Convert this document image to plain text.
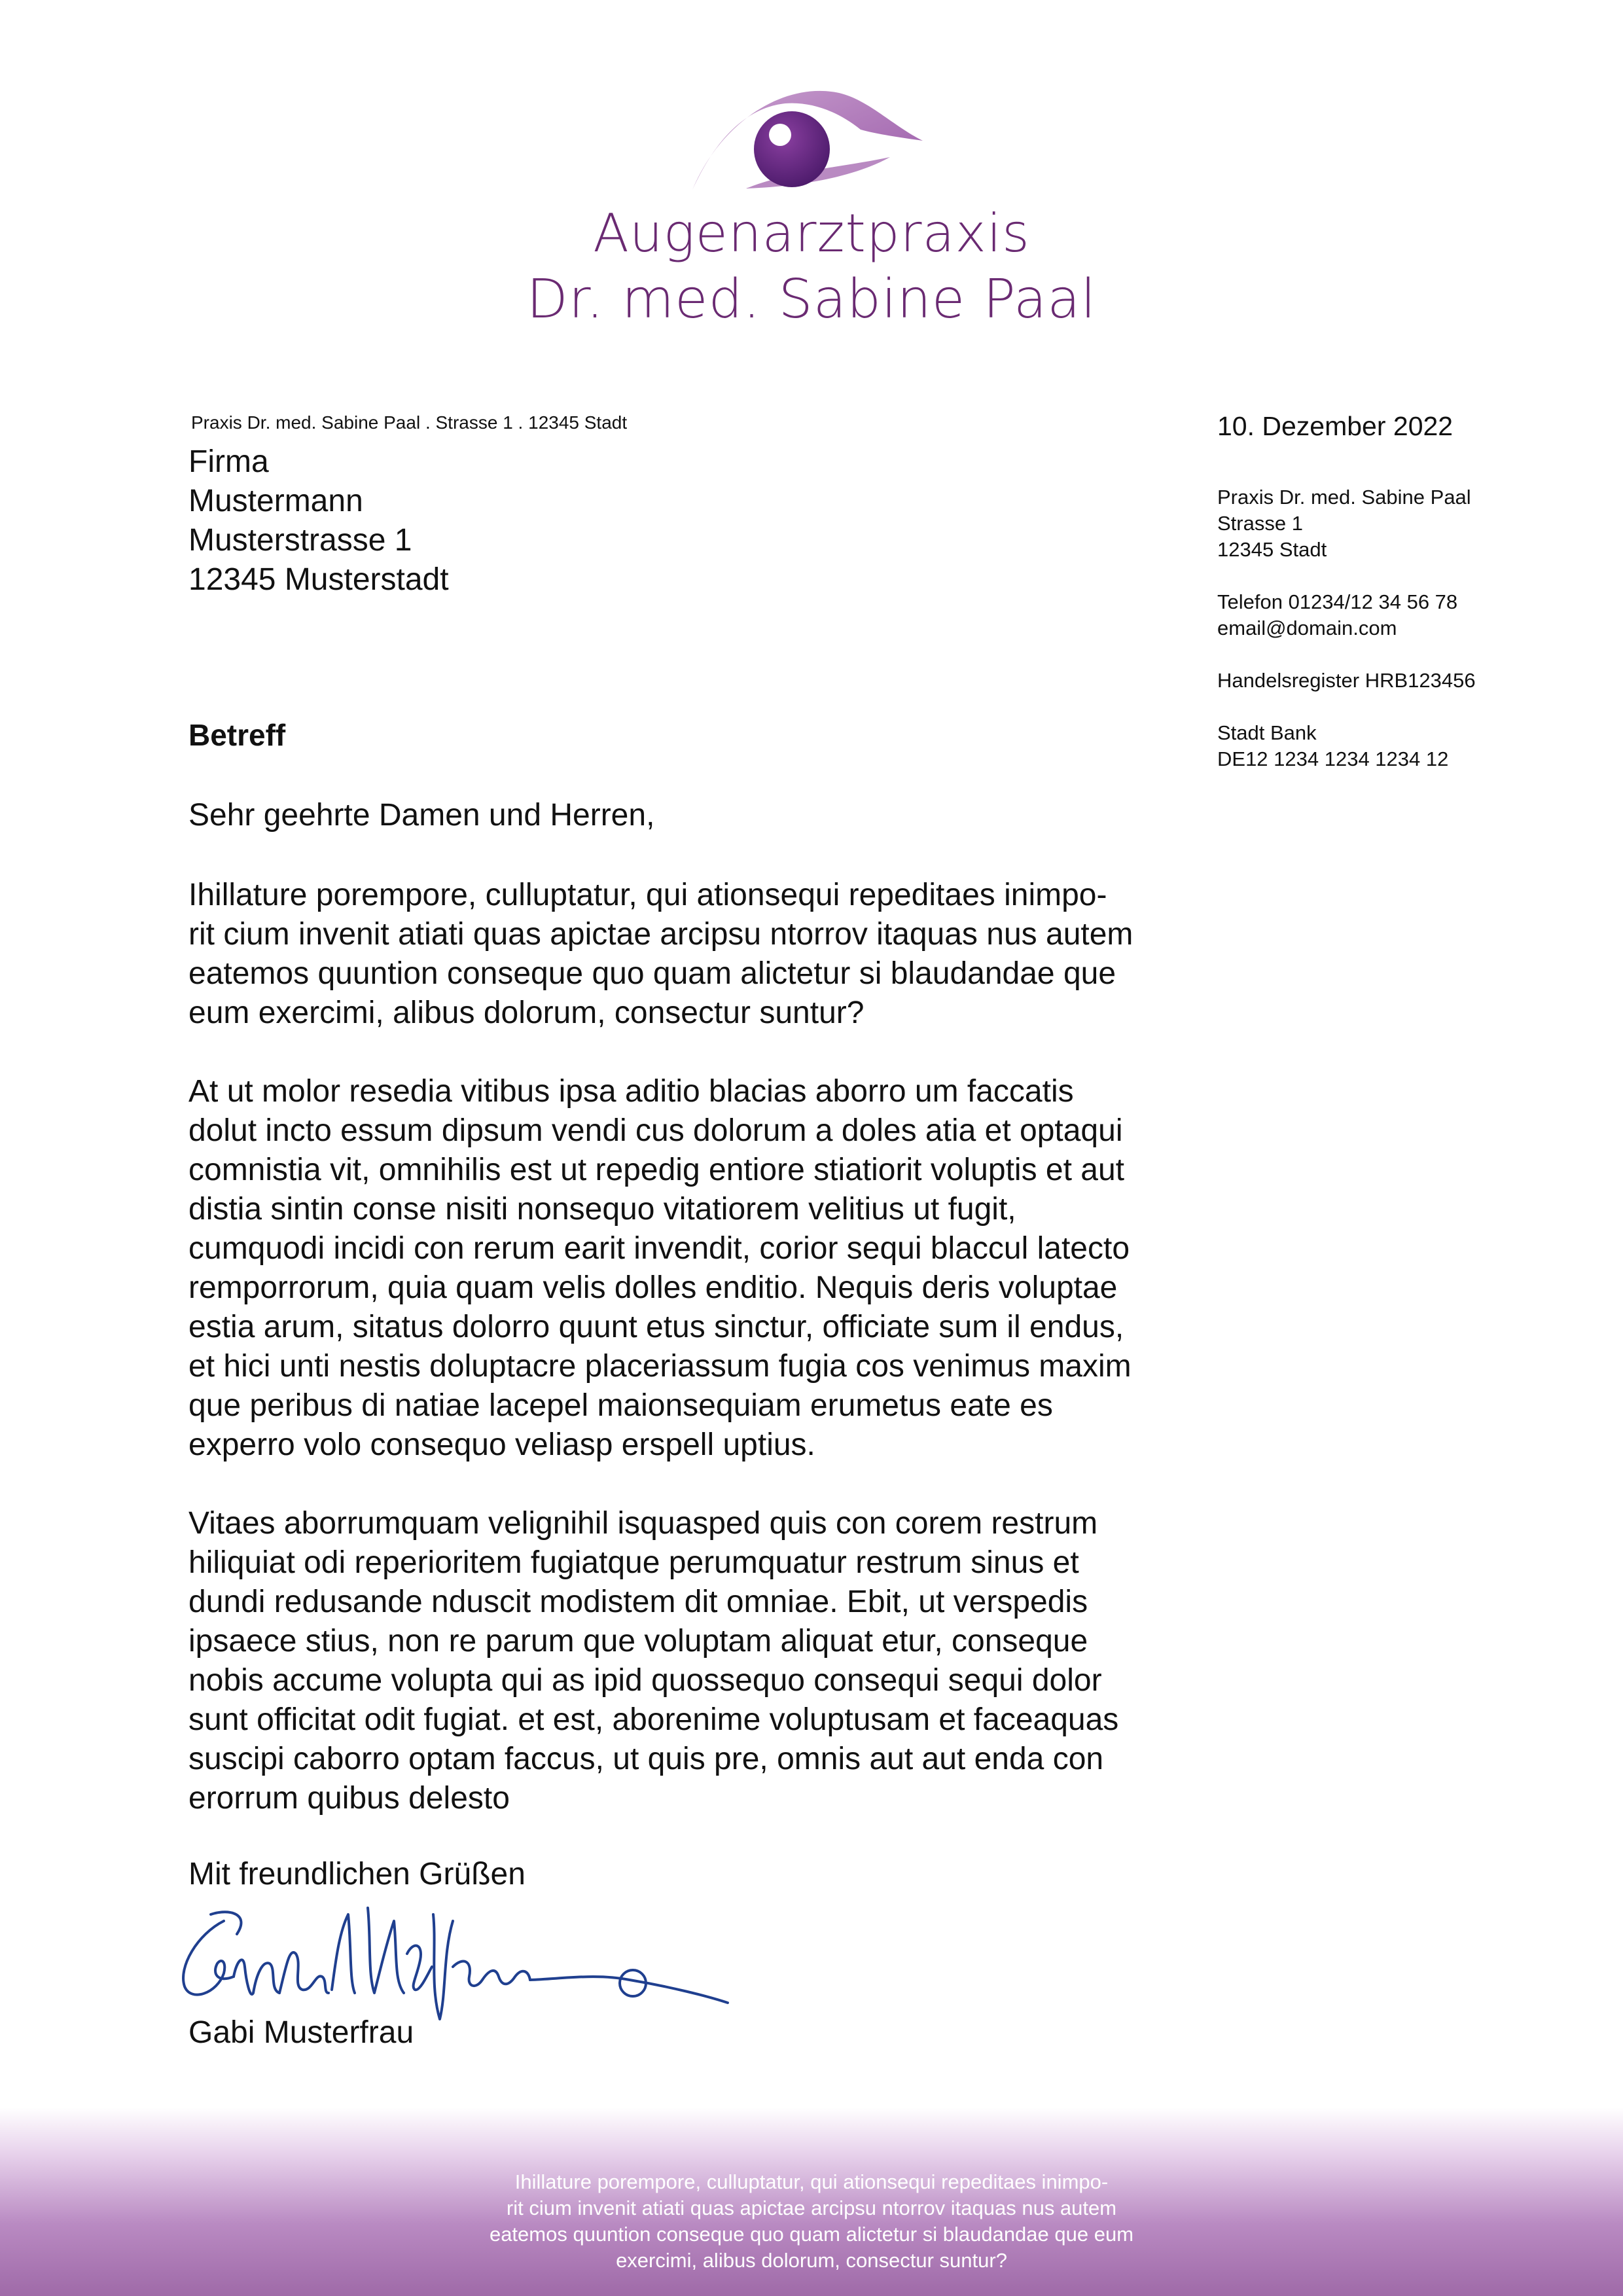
Augenarztpraxis
Dr. med. Sabine Paal
Praxis Dr. med. Sabine Paal . Strasse 1 . 12345 Stadt
Firma
Mustermann
Musterstrasse 1
12345 Musterstadt
10. Dezember 2022
Praxis Dr. med. Sabine Paal
Strasse 1
12345 Stadt
Telefon 01234/12 34 56 78
email@domain.com
Handelsregister HRB123456
Stadt Bank
DE12 1234 1234 1234 12
Betreff
Sehr geehrte Damen und Herren,
Ihillature porempore, culluptatur, qui ationsequi repeditaes inimpo-
rit cium invenit atiati quas apictae arcipsu ntorrov itaquas nus autem
eatemos quuntion conseque quo quam alictetur si blaudandae que
eum exercimi, alibus dolorum, consectur suntur?
At ut molor resedia vitibus ipsa aditio blacias aborro um faccatis
dolut incto essum dipsum vendi cus dolorum a doles atia et optaqui
comnistia vit, omnihilis est ut repedig entiore stiatiorit voluptis et aut
distia sintin conse nisiti nonsequo vitatiorem velitius ut fugit,
cumquodi incidi con rerum earit invendit, corior sequi blaccul latecto
remporrorum, quia quam velis dolles enditio. Nequis deris voluptae
estia arum, sitatus dolorro quunt etus sinctur, officiate sum il endus,
et hici unti nestis doluptacre placeriassum fugia cos venimus maxim
que peribus di natiae lacepel maionsequiam erumetus eate es
experro volo consequo veliasp erspell uptius.
Vitaes aborrumquam velignihil isquasped quis con corem restrum
hiliquiat odi reperioritem fugiatque perumquatur restrum sinus et
dundi redusande nduscit modistem dit omniae. Ebit, ut verspedis
ipsaece stius, non re parum que voluptam aliquat etur, conseque
nobis accume volupta qui as ipid quossequo consequi sequi dolor
sunt officitat odit fugiat. et est, aborenime voluptusam et faceaquas
suscipi caborro optam faccus, ut quis pre, omnis aut aut enda con
erorrum quibus delesto
Mit freundlichen Grüßen
Gabi Musterfrau
Ihillature porempore, culluptatur, qui ationsequi repeditaes inimpo-
rit cium invenit atiati quas apictae arcipsu ntorrov itaquas nus autem
eatemos quuntion conseque quo quam alictetur si blaudandae que eum
exercimi, alibus dolorum, consectur suntur?
